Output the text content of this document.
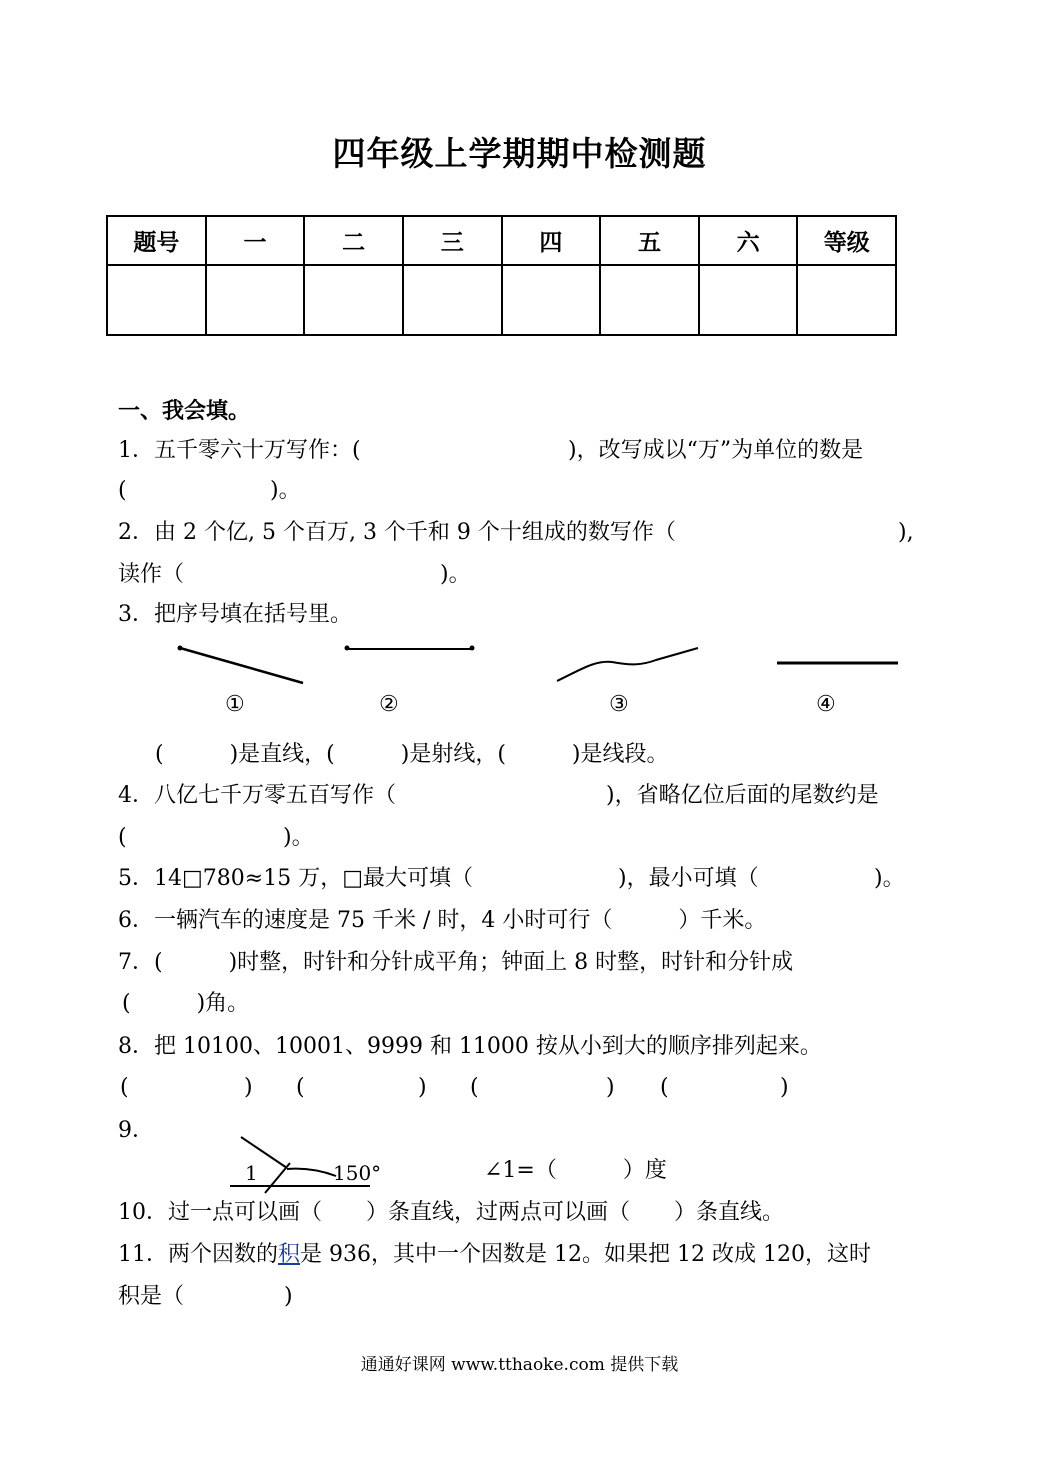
四年级上学期期中检测题
题号	一	二	三	四	五	六	等级

一、我会填。
1．五千零六十万写作：(	)，改写成以“万”为单位的数是
(	)。
2．由 2 个亿, 5 个百万, 3 个千和 9 个十组成的数写作（	),
读作（	)。
3．把序号填在括号里。
①	②	③	④
(　　　)是直线，(　　　)是射线，(　　　)是线段。
4．八亿七千万零五百写作（	)，省略亿位后面的尾数约是
(	)。
5．14□780≈15 万，□最大可填（	)，最小可填（	)。
6．一辆汽车的速度是 75 千米 / 时，4 小时可行（　　　）千米。
7．(　　　)时整，时针和分针成平角；钟面上 8 时整，时针和分针成
(　　　)角。
8．把 10100、10001、9999 和 11000 按从小到大的顺序排列起来。
(	) (	) (	) (	)
9．
1	150°	∠1=（　　　）度
10．过一点可以画（　　）条直线，过两点可以画（　　）条直线。
11．两个因数的积是 936，其中一个因数是 12。如果把 12 改成 120，这时
积是（	)
通通好课网 www.tthaoke.com 提供下载
